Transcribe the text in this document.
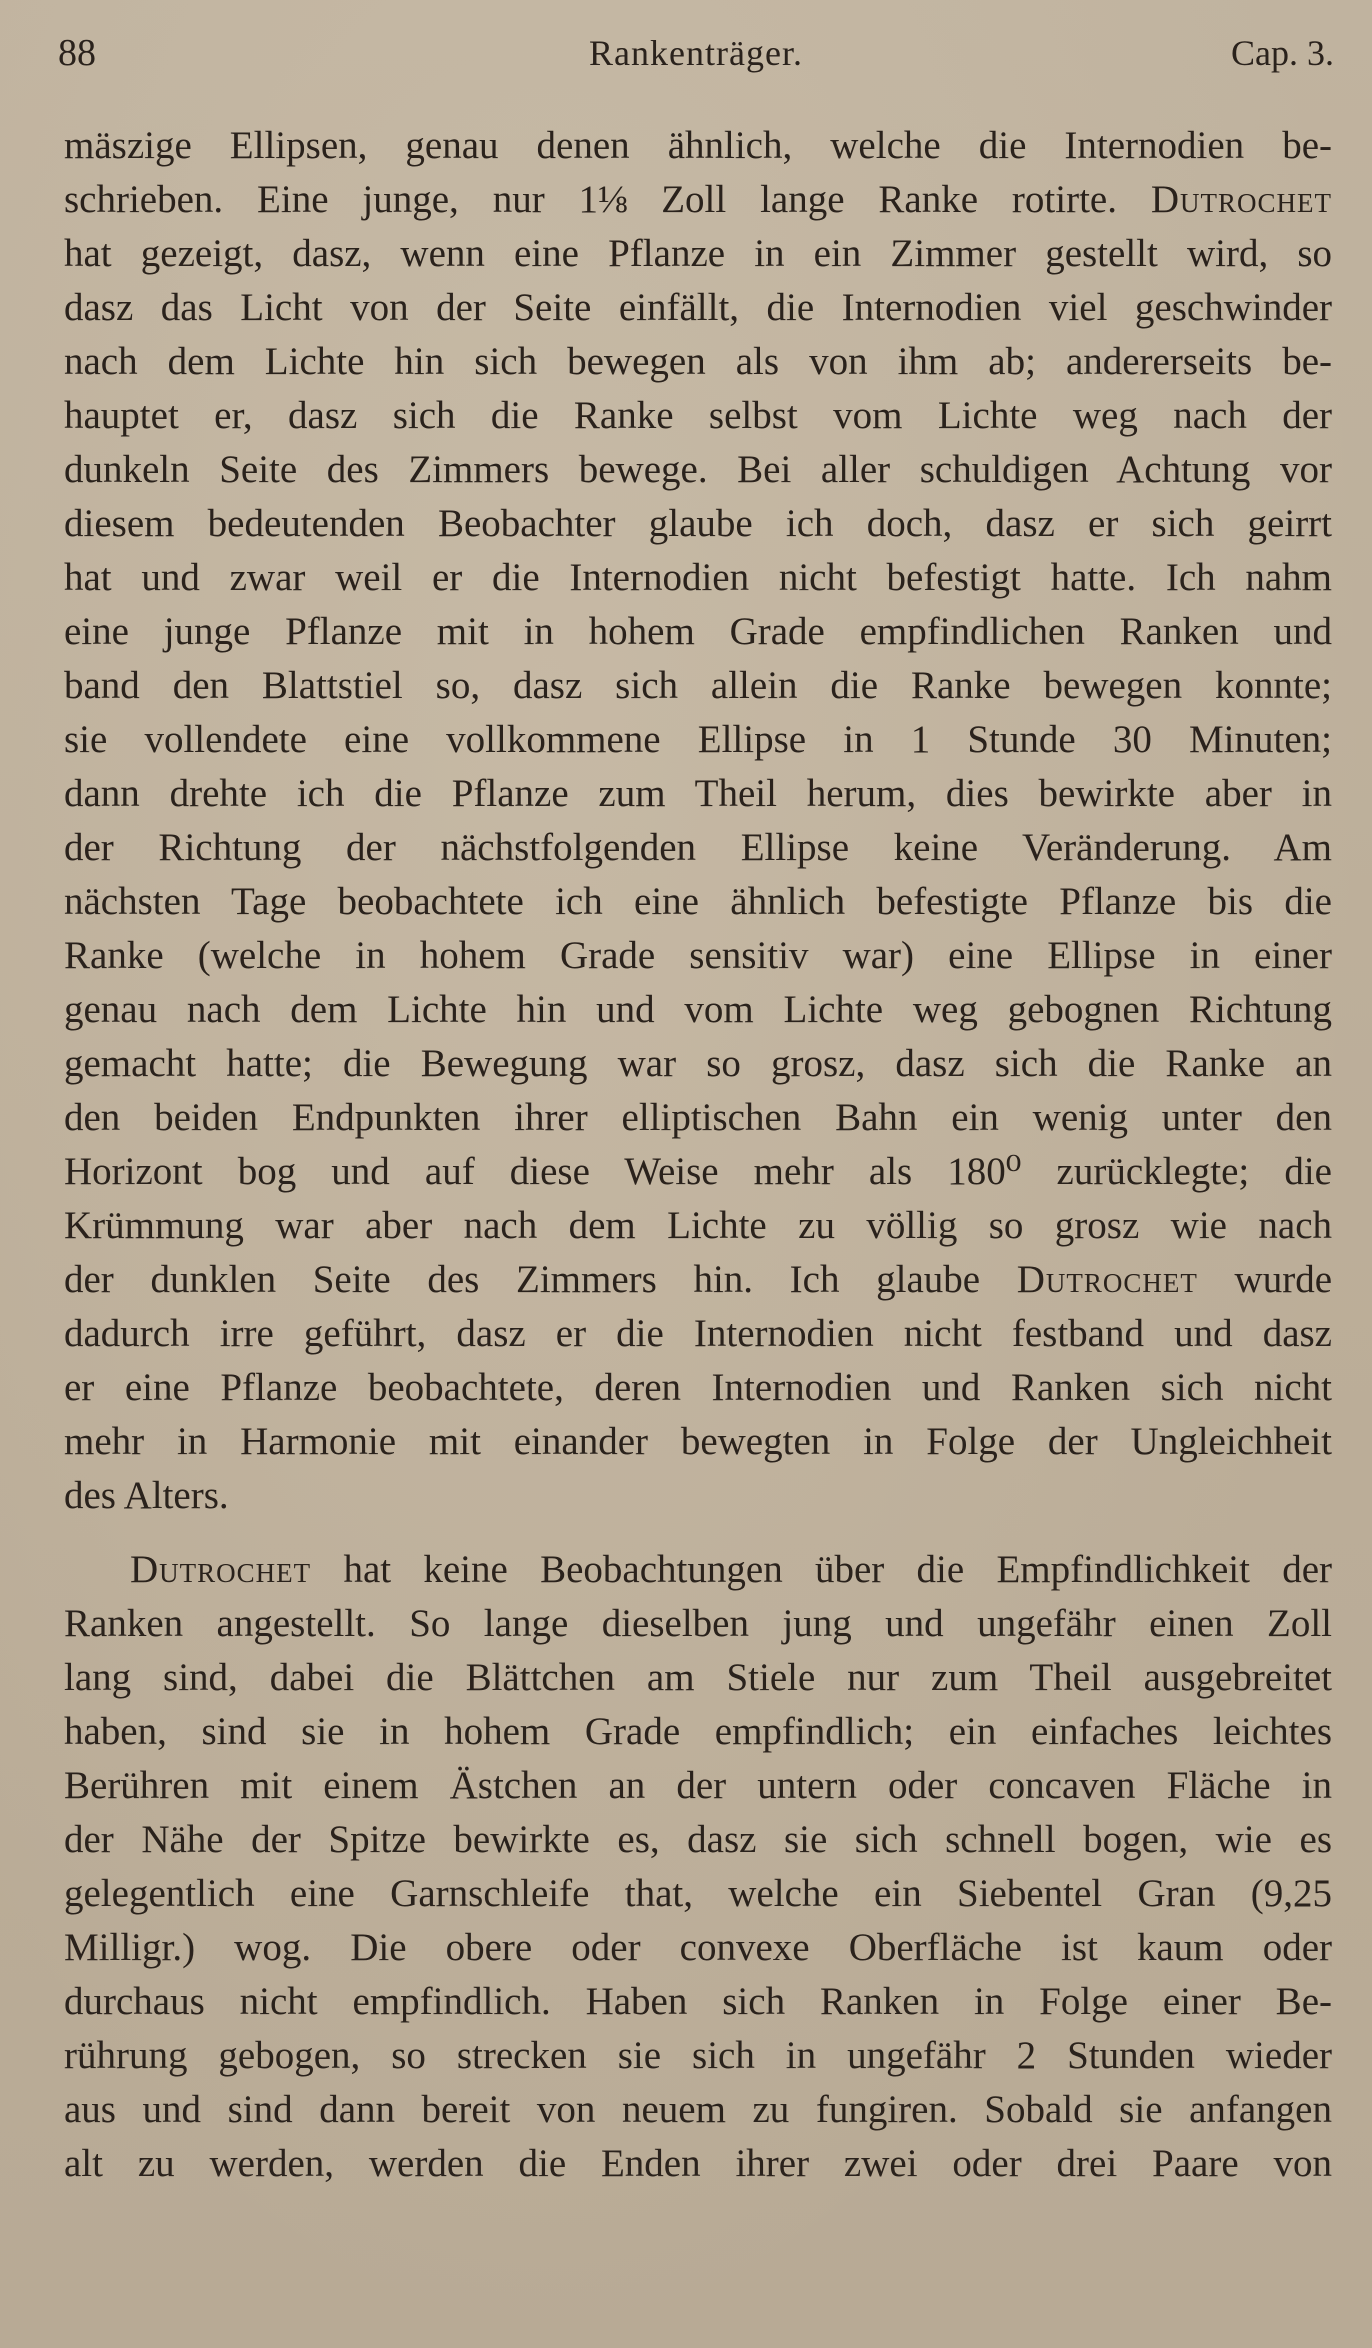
88	Rankenträger.	Cap. 3.
mäszige Ellipsen, genau denen ähnlich, welche die Internodien be-
schrieben. Eine junge, nur 1⅛ Zoll lange Ranke rotirte. Dutrochet
hat gezeigt, dasz, wenn eine Pflanze in ein Zimmer gestellt wird, so
dasz das Licht von der Seite einfällt, die Internodien viel geschwinder
nach dem Lichte hin sich bewegen als von ihm ab; andererseits be-
hauptet er, dasz sich die Ranke selbst vom Lichte weg nach der
dunkeln Seite des Zimmers bewege. Bei aller schuldigen Achtung vor
diesem bedeutenden Beobachter glaube ich doch, dasz er sich geirrt
hat und zwar weil er die Internodien nicht befestigt hatte. Ich nahm
eine junge Pflanze mit in hohem Grade empfindlichen Ranken und
band den Blattstiel so, dasz sich allein die Ranke bewegen konnte;
sie vollendete eine vollkommene Ellipse in 1 Stunde 30 Minuten;
dann drehte ich die Pflanze zum Theil herum, dies bewirkte aber in
der Richtung der nächstfolgenden Ellipse keine Veränderung. Am
nächsten Tage beobachtete ich eine ähnlich befestigte Pflanze bis die
Ranke (welche in hohem Grade sensitiv war) eine Ellipse in einer
genau nach dem Lichte hin und vom Lichte weg gebognen Richtung
gemacht hatte; die Bewegung war so grosz, dasz sich die Ranke an
den beiden Endpunkten ihrer elliptischen Bahn ein wenig unter den
Horizont bog und auf diese Weise mehr als 180⁰ zurücklegte; die
Krümmung war aber nach dem Lichte zu völlig so grosz wie nach
der dunklen Seite des Zimmers hin. Ich glaube Dutrochet wurde
dadurch irre geführt, dasz er die Internodien nicht festband und dasz
er eine Pflanze beobachtete, deren Internodien und Ranken sich nicht
mehr in Harmonie mit einander bewegten in Folge der Ungleichheit
des Alters.
Dutrochet hat keine Beobachtungen über die Empfindlichkeit der
Ranken angestellt. So lange dieselben jung und ungefähr einen Zoll
lang sind, dabei die Blättchen am Stiele nur zum Theil ausgebreitet
haben, sind sie in hohem Grade empfindlich; ein einfaches leichtes
Berühren mit einem Ästchen an der untern oder concaven Fläche in
der Nähe der Spitze bewirkte es, dasz sie sich schnell bogen, wie es
gelegentlich eine Garnschleife that, welche ein Siebentel Gran (9,25
Milligr.) wog. Die obere oder convexe Oberfläche ist kaum oder
durchaus nicht empfindlich. Haben sich Ranken in Folge einer Be-
rührung gebogen, so strecken sie sich in ungefähr 2 Stunden wieder
aus und sind dann bereit von neuem zu fungiren. Sobald sie anfangen
alt zu werden, werden die Enden ihrer zwei oder drei Paare von
